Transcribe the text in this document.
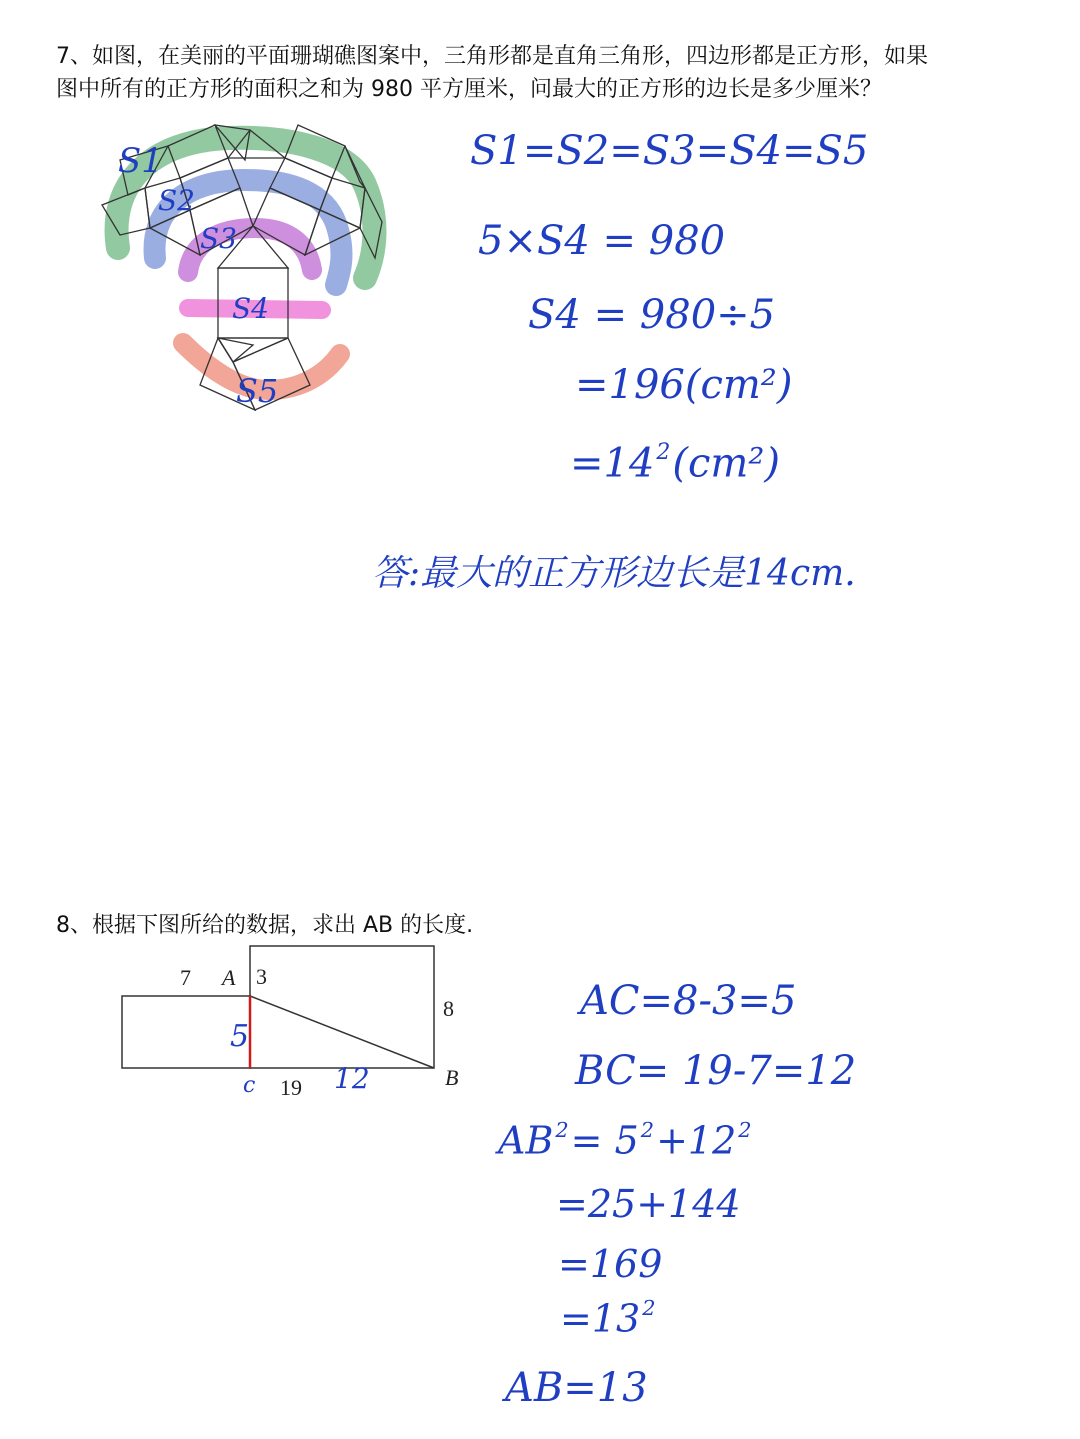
7、如图，在美丽的平面珊瑚礁图案中，三角形都是直角三角形，四边形都是正方形，如果
图中所有的正方形的面积之和为 980 平方厘米，问最大的正方形的边长是多少厘米？
S1
S2
S3
S4
S5
S1=S2=S3=S4=S5
5×S4 = 980
S4 = 980÷5
=196(cm²)
$=14^2(cm^2)$
答:最大的正方形边长是14cm.
8、根据下图所给的数据，求出 AB 的长度.
7 A 3
8
19	B
5
c	12
AC=8-3=5
BC= 19-7=12
$AB^2= 5^2+12^2$
=25+144
=169
$=13^2$
AB=13
